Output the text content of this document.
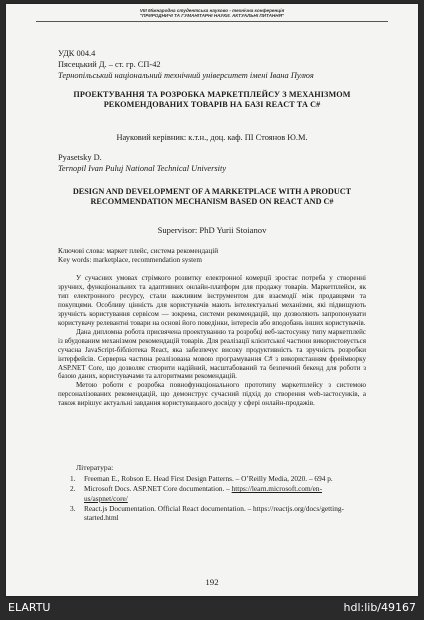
VIII Міжнародна студентська науково - технічна конференція
"ПРИРОДНИЧІ ТА ГУМАНІТАРНІ НАУКИ. АКТУАЛЬНІ ПИТАННЯ"
УДК 004.4
Пясецький Д. – ст. гр. СП-42
Тернопільський національний технічний університет імені Івана Пулюя
ПРОЕКТУВАННЯ ТА РОЗРОБКА МАРКЕТПЛЕЙСУ З МЕХАНІЗМОМ РЕКОМЕНДОВАНИХ ТОВАРІВ НА БАЗІ REACT ТА C#
Науковий керівник: к.т.н., доц. каф. ПІ Стоянов Ю.М.
Pyasetsky D.
Ternopil Ivan Puluj National Technical University
DESIGN AND DEVELOPMENT OF A MARKETPLACE WITH A PRODUCT RECOMMENDATION MECHANISM BASED ON REACT AND C#
Supervisor: PhD Yurii Stoianov
Ключові слова: маркет плейс, система рекомендацій
Key words: marketplace, recommendation system

У сучасних умовах стрімкого розвитку електронної комерції зростає потреба у створенні зручних, функціональних та адаптивних онлайн-платформ для продажу товарів. Маркетплейси, як тип електронного ресурсу, стали важливим інструментом для взаємодії між продавцями та покупцями. Особливу цінність для користувачів мають інтелектуальні механізми, які підвищують зручність користування сервісом — зокрема, системи рекомендацій, що дозволяють запропонувати користувачу релевантні товари на основі його поведінки, інтересів або вподобань інших користувачів.

Дана дипломна робота присвячена проектуванню та розробці веб-застосунку типу маркетплейс із вбудованим механізмом рекомендацій товарів. Для реалізації клієнтської частини використовується сучасна JavaScript-бібліотека React, яка забезпечує високу продуктивність та зручність розробки інтерфейсів. Серверна частина реалізована мовою програмування C# з використанням фреймворку ASP.NET Core, що дозволяє створити надійний, масштабований та безпечний бекенд для роботи з базою даних, користувачами та алгоритмами рекомендацій.

Метою роботи є розробка повнофункціонального прототипу маркетплейсу з системою персоналізованих рекомендацій, що демонструє сучасний підхід до створення web-застосунків, а також вирішує актуальні завдання користувацького досвіду у сфері онлайн-продажів.

Література:
1. Freeman E., Robson E. Head First Design Patterns. – O’Reilly Media, 2020. – 694 p.
2. Microsoft Docs. ASP.NET Core documentation. – https://learn.microsoft.com/en-us/aspnet/core/
3. React.js Documentation. Official React documentation. – https://reactjs.org/docs/getting-started.html
192
ELARTU	hdl:lib/49167
